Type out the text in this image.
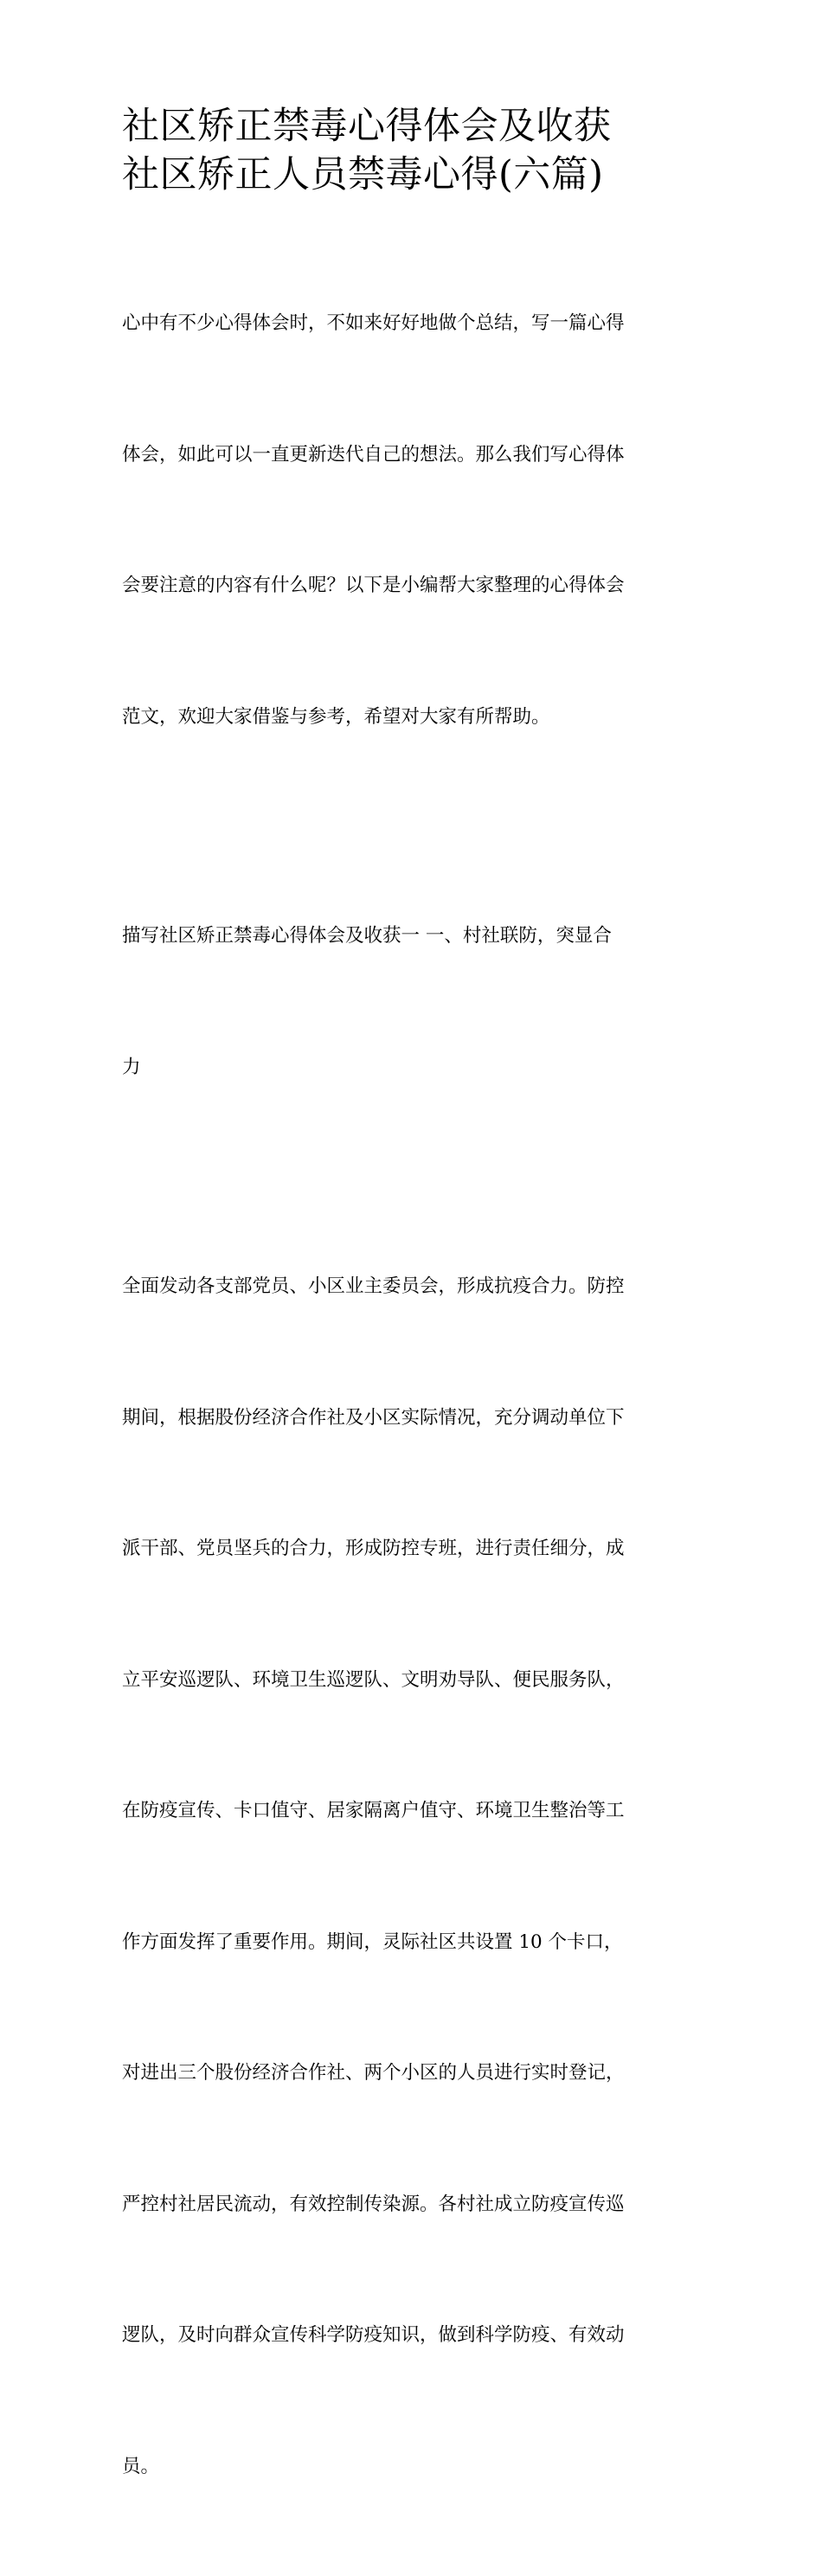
社区矫正禁毒心得体会及收获
社区矫正人员禁毒心得(六篇)

心中有不少心得体会时，不如来好好地做个总结，写一篇心得

体会，如此可以一直更新迭代自己的想法。那么我们写心得体

会要注意的内容有什么呢？以下是小编帮大家整理的心得体会

范文，欢迎大家借鉴与参考，希望对大家有所帮助。

描写社区矫正禁毒心得体会及收获一 一、村社联防，突显合

力

全面发动各支部党员、小区业主委员会，形成抗疫合力。防控

期间，根据股份经济合作社及小区实际情况，充分调动单位下

派干部、党员坚兵的合力，形成防控专班，进行责任细分，成

立平安巡逻队、环境卫生巡逻队、文明劝导队、便民服务队，

在防疫宣传、卡口值守、居家隔离户值守、环境卫生整治等工

作方面发挥了重要作用。期间，灵际社区共设置 10 个卡口，

对进出三个股份经济合作社、两个小区的人员进行实时登记，

严控村社居民流动，有效控制传染源。各村社成立防疫宣传巡

逻队，及时向群众宣传科学防疫知识，做到科学防疫、有效动

员。
